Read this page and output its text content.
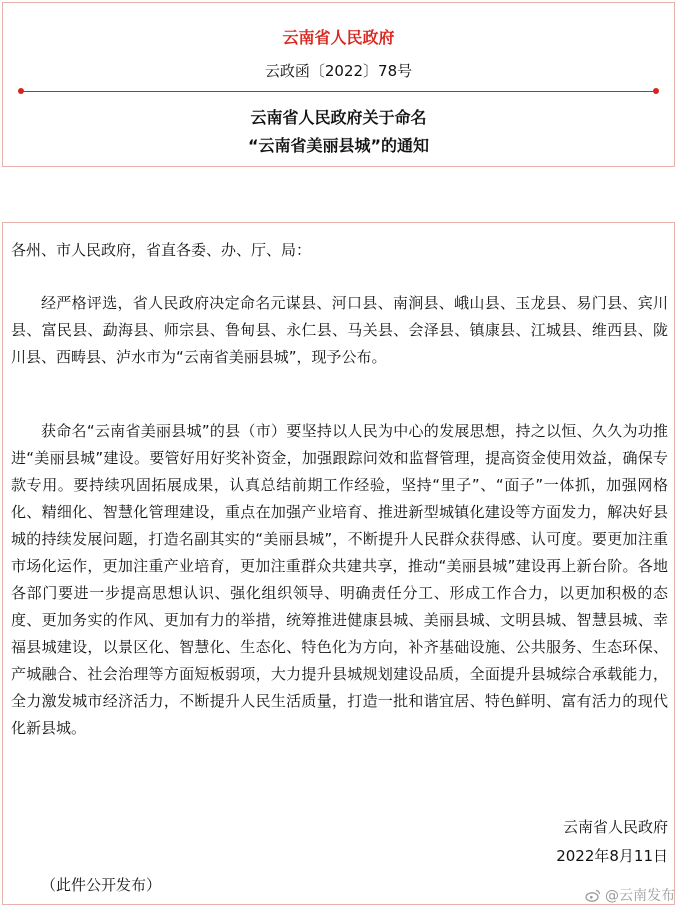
云南省人民政府
云政函〔2022〕78号
云南省人民政府关于命名
“云南省美丽县城”的通知
各州、市人民政府，省直各委、办、厅、局：

经严格评选，省人民政府决定命名元谋县、河口县、南涧县、峨山县、玉龙县、易门县、宾川县、富民县、勐海县、师宗县、鲁甸县、永仁县、马关县、会泽县、镇康县、江城县、维西县、陇川县、西畴县、泸水市为“云南省美丽县城”，现予公布。

获命名“云南省美丽县城”的县（市）要坚持以人民为中心的发展思想，持之以恒、久久为功推进“美丽县城”建设。要管好用好奖补资金，加强跟踪问效和监督管理，提高资金使用效益，确保专款专用。要持续巩固拓展成果，认真总结前期工作经验，坚持“里子”、“面子”一体抓，加强网格化、精细化、智慧化管理建设，重点在加强产业培育、推进新型城镇化建设等方面发力，解决好县城的持续发展问题，打造名副其实的“美丽县城”，不断提升人民群众获得感、认可度。要更加注重市场化运作，更加注重产业培育，更加注重群众共建共享，推动“美丽县城”建设再上新台阶。各地各部门要进一步提高思想认识、强化组织领导、明确责任分工、形成工作合力，以更加积极的态度、更加务实的作风、更加有力的举措，统筹推进健康县城、美丽县城、文明县城、智慧县城、幸福县城建设，以景区化、智慧化、生态化、特色化为方向，补齐基础设施、公共服务、生态环保、产城融合、社会治理等方面短板弱项，大力提升县城规划建设品质，全面提升县城综合承载能力，全力激发城市经济活力，不断提升人民生活质量，打造一批和谐宜居、特色鲜明、富有活力的现代化新县城。

云南省人民政府
2022年8月11日
（此件公开发布）
@云南发布
